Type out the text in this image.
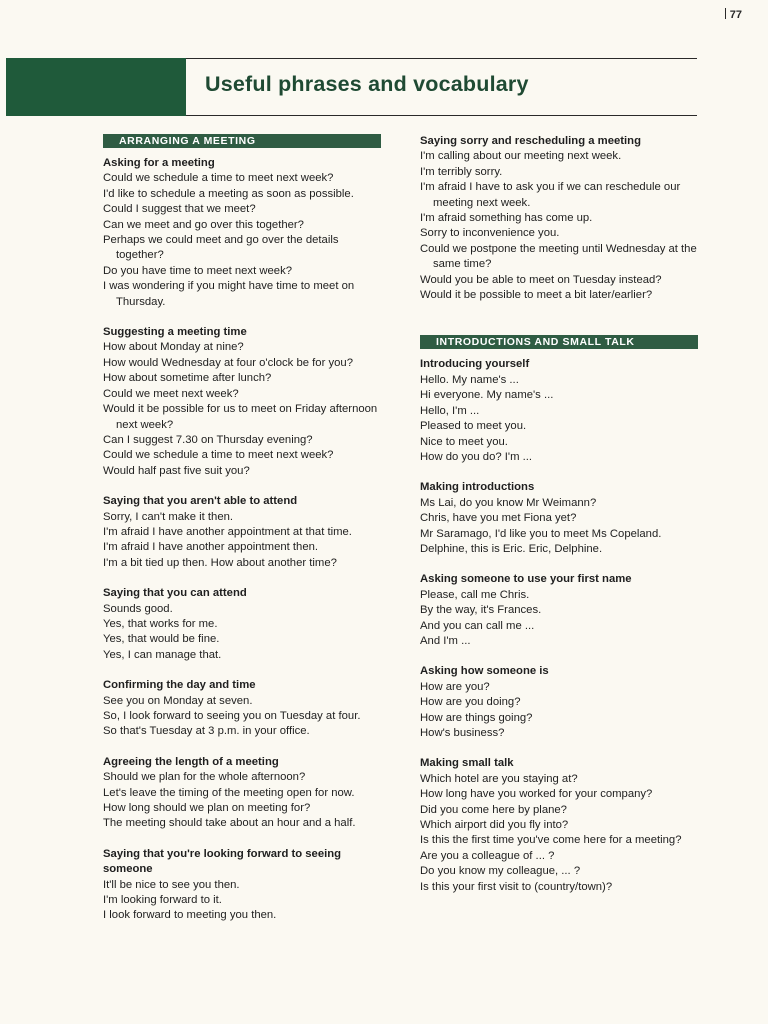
77
Useful phrases and vocabulary
ARRANGING A MEETING

Asking for a meeting

Could we schedule a time to meet next week?
I'd like to schedule a meeting as soon as possible.
Could I suggest that we meet?
Can we meet and go over this together?
Perhaps we could meet and go over the details together?
Do you have time to meet next week?
I was wondering if you might have time to meet on Thursday.

Suggesting a meeting time

How about Monday at nine?
How would Wednesday at four o'clock be for you?
How about sometime after lunch?
Could we meet next week?
Would it be possible for us to meet on Friday afternoon next week?
Can I suggest 7.30 on Thursday evening?
Could we schedule a time to meet next week?
Would half past five suit you?

Saying that you aren't able to attend

Sorry, I can't make it then.
I'm afraid I have another appointment at that time.
I'm afraid I have another appointment then.
I'm a bit tied up then. How about another time?

Saying that you can attend

Sounds good.
Yes, that works for me.
Yes, that would be fine.
Yes, I can manage that.

Confirming the day and time

See you on Monday at seven.
So, I look forward to seeing you on Tuesday at four.
So that's Tuesday at 3 p.m. in your office.

Agreeing the length of a meeting

Should we plan for the whole afternoon?
Let's leave the timing of the meeting open for now.
How long should we plan on meeting for?
The meeting should take about an hour and a half.

Saying that you're looking forward to seeing someone

It'll be nice to see you then.
I'm looking forward to it.
I look forward to meeting you then.

Saying sorry and rescheduling a meeting

I'm calling about our meeting next week.
I'm terribly sorry.
I'm afraid I have to ask you if we can reschedule our meeting next week.
I'm afraid something has come up.
Sorry to inconvenience you.
Could we postpone the meeting until Wednesday at the same time?
Would you be able to meet on Tuesday instead?
Would it be possible to meet a bit later/earlier?
INTRODUCTIONS AND SMALL TALK

Introducing yourself

Hello. My name's ...
Hi everyone. My name's ...
Hello, I'm ...
Pleased to meet you.
Nice to meet you.
How do you do? I'm ...

Making introductions

Ms Lai, do you know Mr Weimann?
Chris, have you met Fiona yet?
Mr Saramago, I'd like you to meet Ms Copeland.
Delphine, this is Eric. Eric, Delphine.

Asking someone to use your first name

Please, call me Chris.
By the way, it's Frances.
And you can call me ...
And I'm ...

Asking how someone is

How are you?
How are you doing?
How are things going?
How's business?

Making small talk

Which hotel are you staying at?
How long have you worked for your company?
Did you come here by plane?
Which airport did you fly into?
Is this the first time you've come here for a meeting?
Are you a colleague of ... ?
Do you know my colleague, ... ?
Is this your first visit to (country/town)?
